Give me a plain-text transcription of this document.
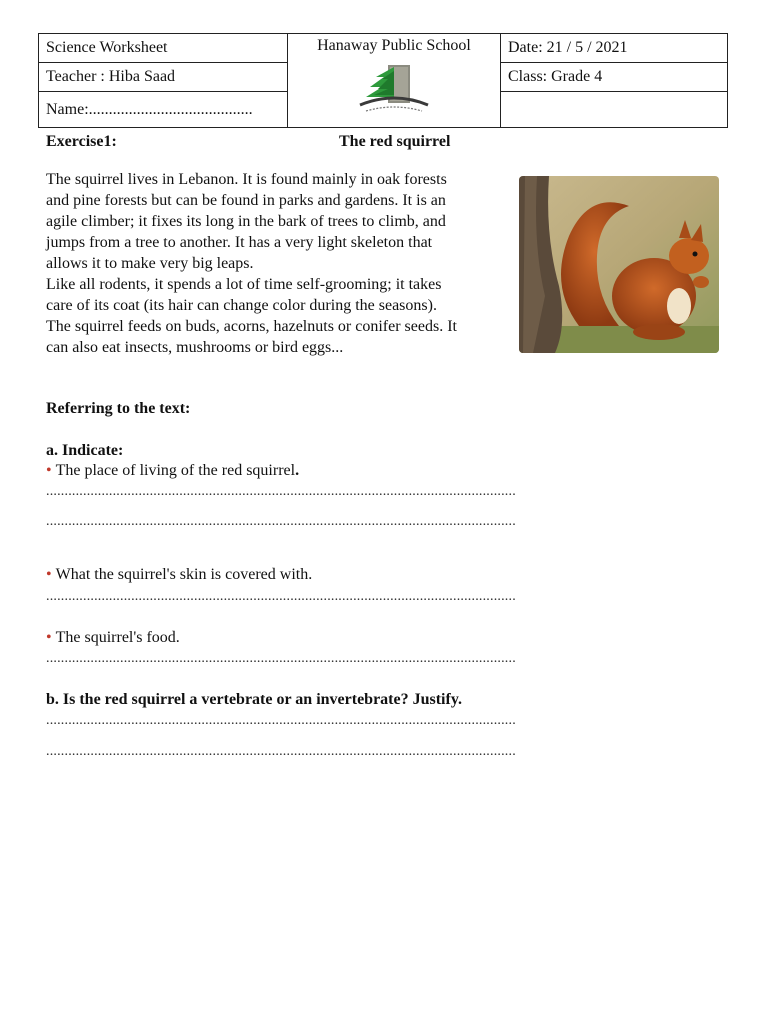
Science Worksheet	Hanaway Public School	Date: 21 / 5 / 2021
Teacher : Hiba Saad		Class: Grade 4
Name:.........................................		
Exercise1:	The red squirrel
The squirrel lives in Lebanon. It is found mainly in oak forests
and pine forests but can be found in parks and gardens. It is an
agile climber; it fixes its long in the bark of trees to climb, and
jumps from a tree to another. It has a very light skeleton that
allows it to make very big leaps.
Like all rodents, it spends a lot of time self-grooming; it takes
care of its coat (its hair can change color during the seasons).
The squirrel feeds on buds, acorns, hazelnuts or conifer seeds. It
can also eat insects, mushrooms or bird eggs...
Referring to the text:
a. Indicate:
• The place of living of the red squirrel.
...............................................................................................................................
...............................................................................................................................
• What the squirrel's skin is covered with.
...............................................................................................................................
• The squirrel's food.
...............................................................................................................................
b. Is the red squirrel a vertebrate or an invertebrate? Justify.
...............................................................................................................................
...............................................................................................................................
